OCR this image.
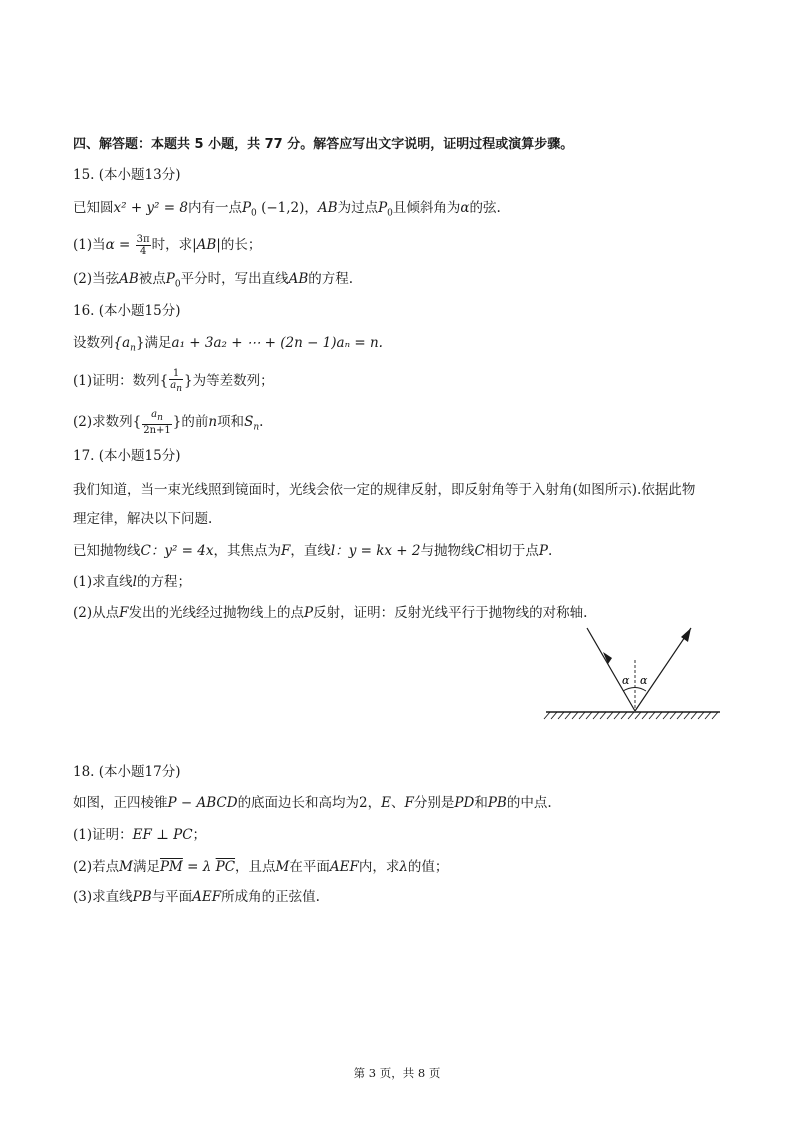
四、解答题：本题共 5 小题，共 77 分。解答应写出文字说明，证明过程或演算步骤。
15. (本小题13分)
已知圆x² + y² = 8内有一点$P_0$ (−1,2)，AB为过点$P_0$且倾斜角为α的弦.
(1)当$\alpha = \frac{3\pi}{4}$ 时，求|AB|的长；
(2)当弦AB被点$P_0$平分时，写出直线AB的方程.
16. (本小题15分)
设数列$\{a_n\}$满足a₁ + 3a₂ + ⋯ + (2n − 1)aₙ = n.
(1)证明：数列{ $\frac{1}{a_n}$ }为等差数列；
(2)求数列{ $\frac{a_n}{2n+1}$ }的前n项和$S_n$.
17. (本小题15分)
我们知道，当一束光线照到镜面时，光线会依一定的规律反射，即反射角等于入射角(如图所示).依据此物
理定律，解决以下问题.
已知抛物线C：y² = 4x，其焦点为F，直线l：y = kx + 2与抛物线C相切于点P.
(1)求直线l的方程；
(2)从点F发出的光线经过抛物线上的点P反射，证明：反射光线平行于抛物线的对称轴.
α α
18. (本小题17分)
如图，正四棱锥P − ABCD的底面边长和高均为2，E、F分别是PD和PB的中点.
(1)证明：EF ⊥ PC；
(2)若点M满足$\overline{PM} = \lambda$ $\overline{PC}$，且点M在平面AEF内，求λ的值；
(3)求直线PB与平面AEF所成角的正弦值.
第 3 页，共 8 页
